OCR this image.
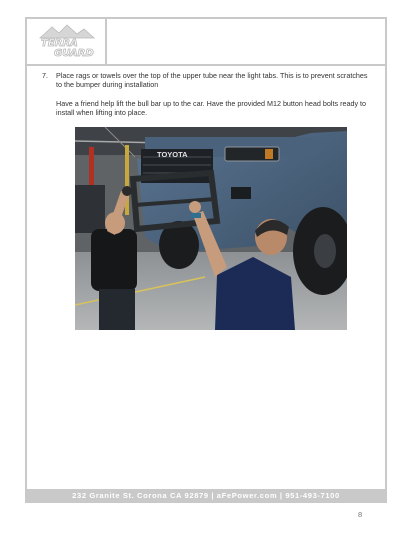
TERRA
GUARD
7. Place rags or towels over the top of the upper tube near the light tabs. This is to prevent scratches to the bumper during installation

Have a friend help lift the bull bar up to the car. Have the provided M12 button head bolts ready to install when lifting into place.

TOYOTA
232 Granite St. Corona CA 92879 | aFePower.com | 951-493-7100
8
